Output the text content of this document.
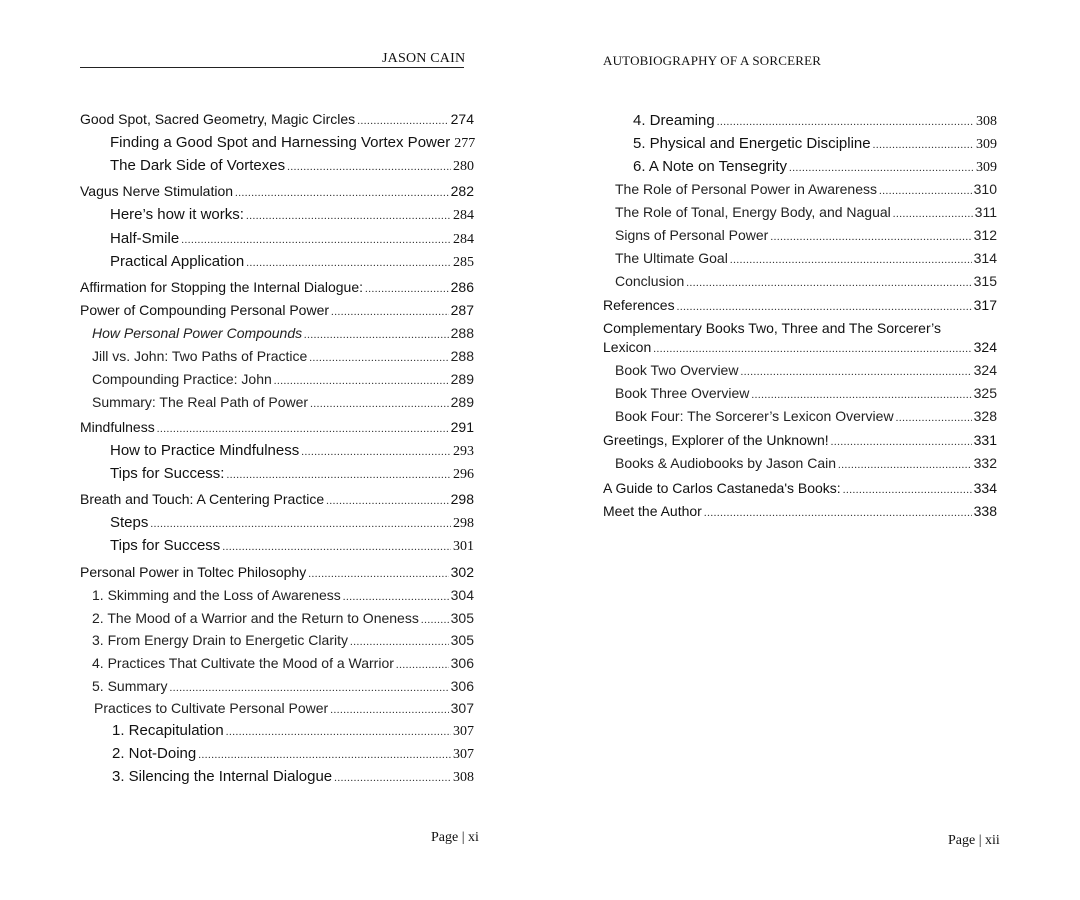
JASON CAIN
Good Spot, Sacred Geometry, Magic Circles .....	274
Finding a Good Spot and Harnessing Vortex Power 277
The Dark Side of Vortexes .....	280
Vagus Nerve Stimulation .....	282
Here’s how it works: .....	284
Half-Smile .....	284
Practical Application .....	285
Affirmation for Stopping the Internal Dialogue: .....	286
Power of Compounding Personal Power .....	287
How Personal Power Compounds .....	288
Jill vs. John: Two Paths of Practice .....	288
Compounding Practice: John .....	289
Summary: The Real Path of Power .....	289
Mindfulness .....	291
How to Practice Mindfulness .....	293
Tips for Success: .....	296
Breath and Touch: A Centering Practice .....	298
Steps .....	298
Tips for Success .....	301
Personal Power in Toltec Philosophy .....	302
1. Skimming and the Loss of Awareness .....	304
2. The Mood of a Warrior and the Return to Oneness ..... 305
3. From Energy Drain to Energetic Clarity .....	305
4. Practices That Cultivate the Mood of a Warrior .....	306
5. Summary .....	306
Practices to Cultivate Personal Power .....	307
1. Recapitulation .....	307
2. Not-Doing .....	307
3. Silencing the Internal Dialogue .....	308
Page | xi
AUTOBIOGRAPHY OF A SORCERER
4. Dreaming .....	308
5. Physical and Energetic Discipline .....	309
6. A Note on Tensegrity .....	309
The Role of Personal Power in Awareness .....	310
The Role of Tonal, Energy Body, and Nagual .....	311
Signs of Personal Power .....	312
The Ultimate Goal .....	314
Conclusion .....	315
References .....	317
Complementary Books Two, Three and The Sorcerer’s
Lexicon .....	324
Book Two Overview .....	324
Book Three Overview .....	325
Book Four: The Sorcerer’s Lexicon Overview .....	328
Greetings, Explorer of the Unknown! .....	331
Books & Audiobooks by Jason Cain .....	332
A Guide to Carlos Castaneda's Books: .....	334
Meet the Author .....	338
Page | xii
